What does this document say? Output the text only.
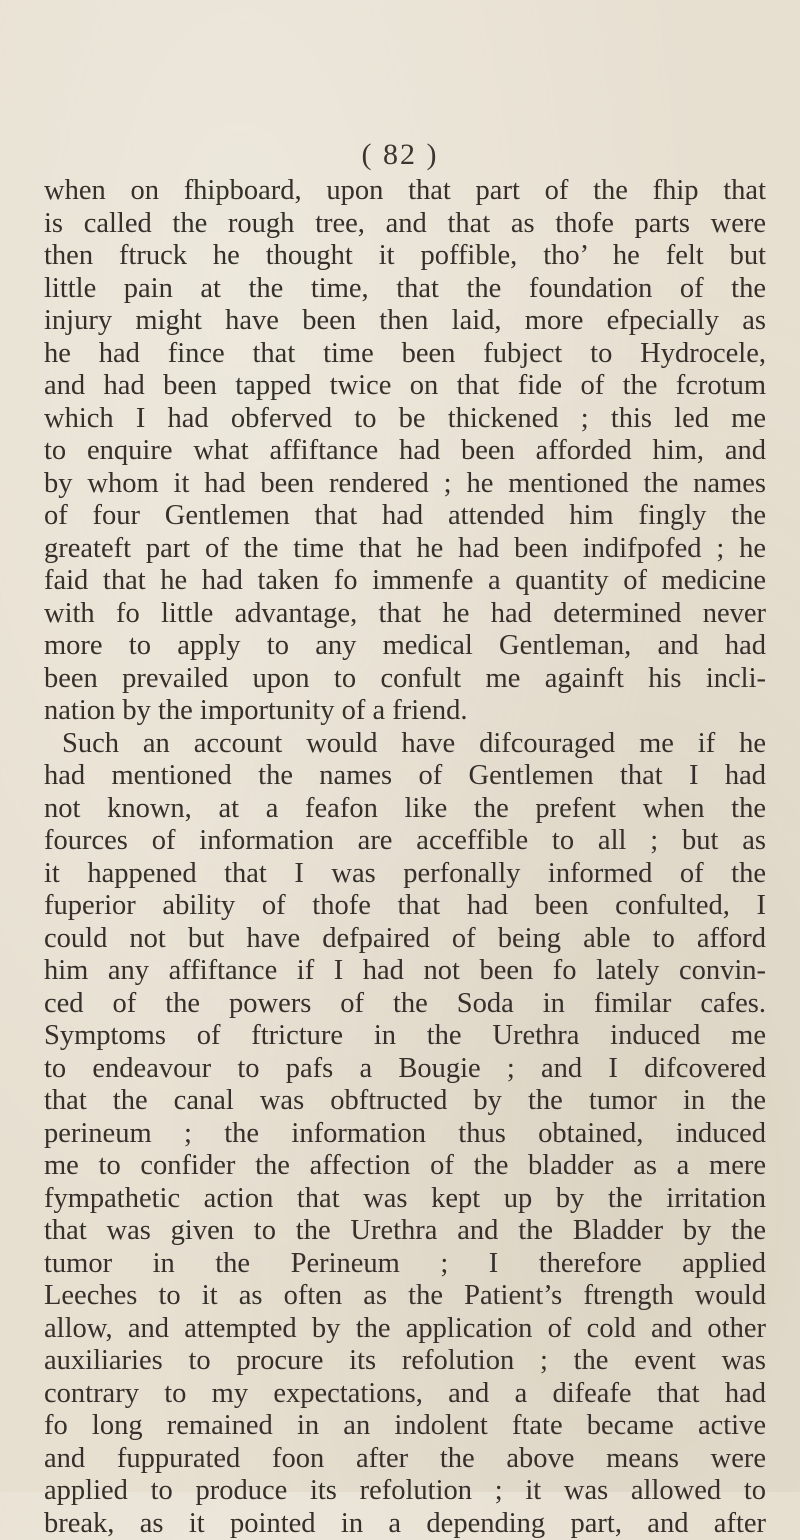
( 82 )
when on fhipboard, upon that part of the fhip that
is called the rough tree, and that as thofe parts were
then ftruck he thought it poffible, tho’ he felt but
little pain at the time, that the foundation of the
injury might have been then laid, more efpecially as
he had fince that time been fubject to Hydrocele,
and had been tapped twice on that fide of the fcrotum
which I had obferved to be thickened ; this led me
to enquire what affiftance had been afforded him, and
by whom it had been rendered ; he mentioned the names
of four Gentlemen that had attended him fingly the
greateft part of the time that he had been indifpofed ; he
faid that he had taken fo immenfe a quantity of medicine
with fo little advantage, that he had determined never
more to apply to any medical Gentleman, and had
been prevailed upon to confult me againft his incli-
nation by the importunity of a friend.
Such an account would have difcouraged me if he
had mentioned the names of Gentlemen that I had
not known, at a feafon like the prefent when the
fources of information are acceffible to all ; but as
it happened that I was perfonally informed of the
fuperior ability of thofe that had been confulted, I
could not but have defpaired of being able to afford
him any affiftance if I had not been fo lately convin-
ced of the powers of the Soda in fimilar cafes.
Symptoms of ftricture in the Urethra induced me
to endeavour to pafs a Bougie ; and I difcovered
that the canal was obftructed by the tumor in the
perineum ; the information thus obtained, induced
me to confider the affection of the bladder as a mere
fympathetic action that was kept up by the irritation
that was given to the Urethra and the Bladder by the
tumor in the Perineum ; I therefore applied
Leeches to it as often as the Patient’s ftrength would
allow, and attempted by the application of cold and other
auxiliaries to procure its refolution ; the event was
contrary to my expectations, and a difeafe that had
fo long remained in an indolent ftate became active
and fuppurated foon after the above means were
applied to produce its refolution ; it was allowed to
break, as it pointed in a depending part, and after
